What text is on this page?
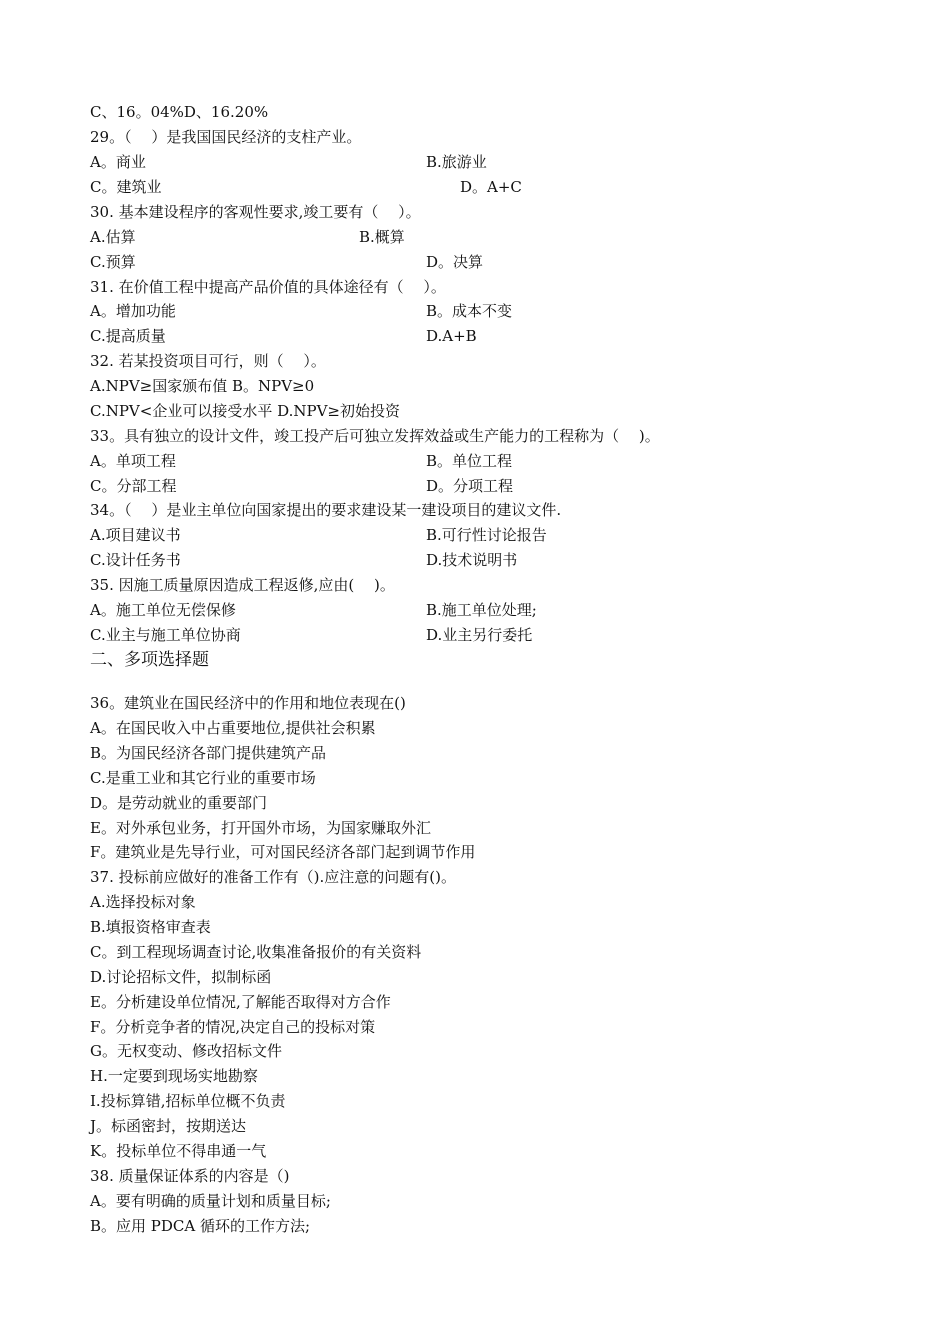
C、16。04%D、16.20%
29。（　 ）是我国国民经济的支柱产业。
A。商业	B.旅游业
C。建筑业	D。A+C
30. 基本建设程序的客观性要求,竣工要有（　 ）。
A.估算	B.概算
C.预算	D。决算
31. 在价值工程中提高产品价值的具体途径有（　 ）。
A。增加功能	B。成本不变
C.提高质量	D.A+B
32. 若某投资项目可行，则（　 ）。
A.NPV≥国家颁布值 B。NPV≥0
C.NPV<企业可以接受水平 D.NPV≥初始投资
33。具有独立的设计文件，竣工投产后可独立发挥效益或生产能力的工程称为（　 )。
A。单项工程	B。单位工程
C。分部工程	D。分项工程
34。（　 ）是业主单位向国家提出的要求建设某一建设项目的建议文件.
A.项目建议书	B.可行性讨论报告
C.设计任务书	D.技术说明书
35. 因施工质量原因造成工程返修,应由(　 )。
A。施工单位无偿保修	B.施工单位处理;
C.业主与施工单位协商	D.业主另行委托
二、多项选择题
36。建筑业在国民经济中的作用和地位表现在()
A。在国民收入中占重要地位,提供社会积累
B。为国民经济各部门提供建筑产品
C.是重工业和其它行业的重要市场
D。是劳动就业的重要部门
E。对外承包业务，打开国外市场，为国家赚取外汇
F。建筑业是先导行业，可对国民经济各部门起到调节作用
37. 投标前应做好的准备工作有（).应注意的问题有()。
A.选择投标对象
B.填报资格审查表
C。到工程现场调查讨论,收集准备报价的有关资料
D.讨论招标文件，拟制标函
E。分析建设单位情况,了解能否取得对方合作
F。分析竞争者的情况,决定自己的投标对策
G。无权变动、修改招标文件
H.一定要到现场实地勘察
I.投标算错,招标单位概不负责
J。标函密封，按期送达
K。投标单位不得串通一气
38. 质量保证体系的内容是（)
A。要有明确的质量计划和质量目标;
B。应用 PDCA 循环的工作方法;
